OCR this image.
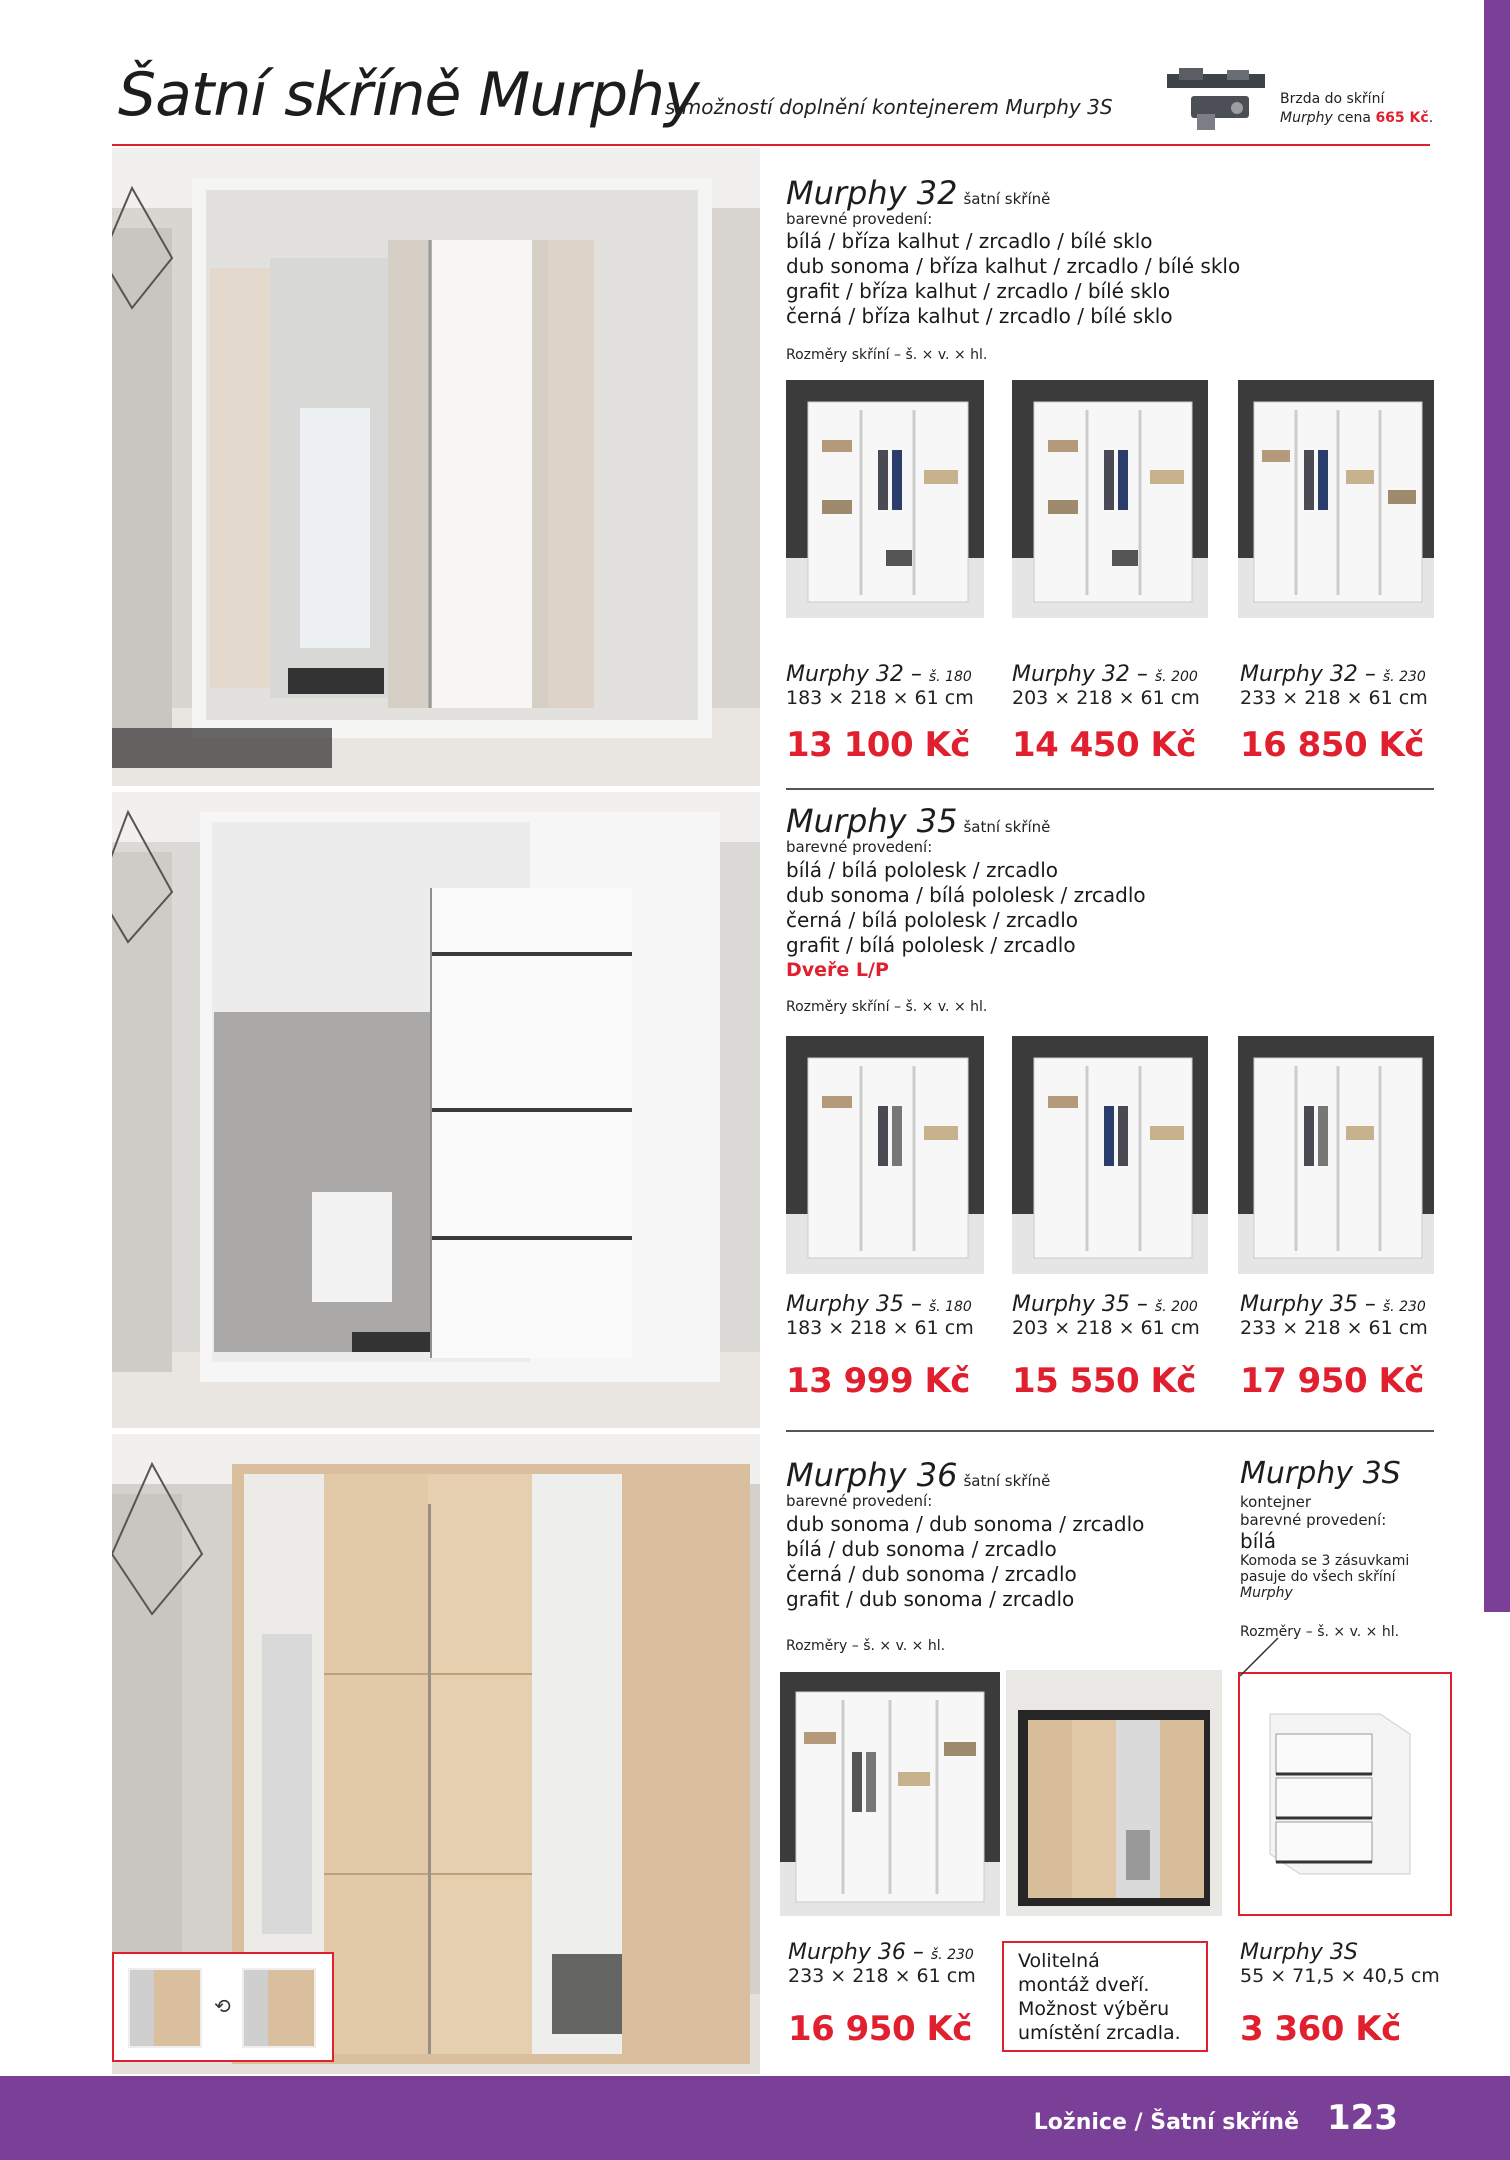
Šatní skříně Murphy
s možností doplnění kontejnerem Murphy 3S	Brzda do skříní
Murphy cena 665 Kč.
Murphy 32 šatní skříně
barevné provedení:
bílá / bříza kalhut / zrcadlo / bílé sklo
dub sonoma / bříza kalhut / zrcadlo / bílé sklo
grafit / bříza kalhut / zrcadlo / bílé sklo
černá / bříza kalhut / zrcadlo / bílé sklo
Rozměry skříní – š. × v. × hl.
Murphy 32 – š. 180
183 × 218 × 61 cm
13 100 Kč
Murphy 32 – š. 200
203 × 218 × 61 cm
14 450 Kč
Murphy 32 – š. 230
233 × 218 × 61 cm
16 850 Kč
Murphy 35 šatní skříně
barevné provedení:
bílá / bílá pololesk / zrcadlo
dub sonoma / bílá pololesk / zrcadlo
černá / bílá pololesk / zrcadlo
grafit / bílá pololesk / zrcadlo
Dveře L/P
Rozměry skříní – š. × v. × hl.
Murphy 35 – š. 180
183 × 218 × 61 cm
13 999 Kč
Murphy 35 – š. 200
203 × 218 × 61 cm
15 550 Kč
Murphy 35 – š. 230
233 × 218 × 61 cm
17 950 Kč
⟲
Murphy 36 šatní skříně
barevné provedení:
dub sonoma / dub sonoma / zrcadlo
bílá / dub sonoma / zrcadlo
černá / dub sonoma / zrcadlo
grafit / dub sonoma / zrcadlo
Rozměry – š. × v. × hl.
Murphy 36 – š. 230
233 × 218 × 61 cm
16 950 Kč
Volitelná
montáž dveří.
Možnost výběru
umístění zrcadla.
Murphy 3S
kontejner
barevné provedení:
bílá
Komoda se 3 zásuvkami
pasuje do všech skříní
Murphy
Rozměry – š. × v. × hl.
Murphy 3S
55 × 71,5 × 40,5 cm
3 360 Kč
Ložnice / Šatní skříně 123
